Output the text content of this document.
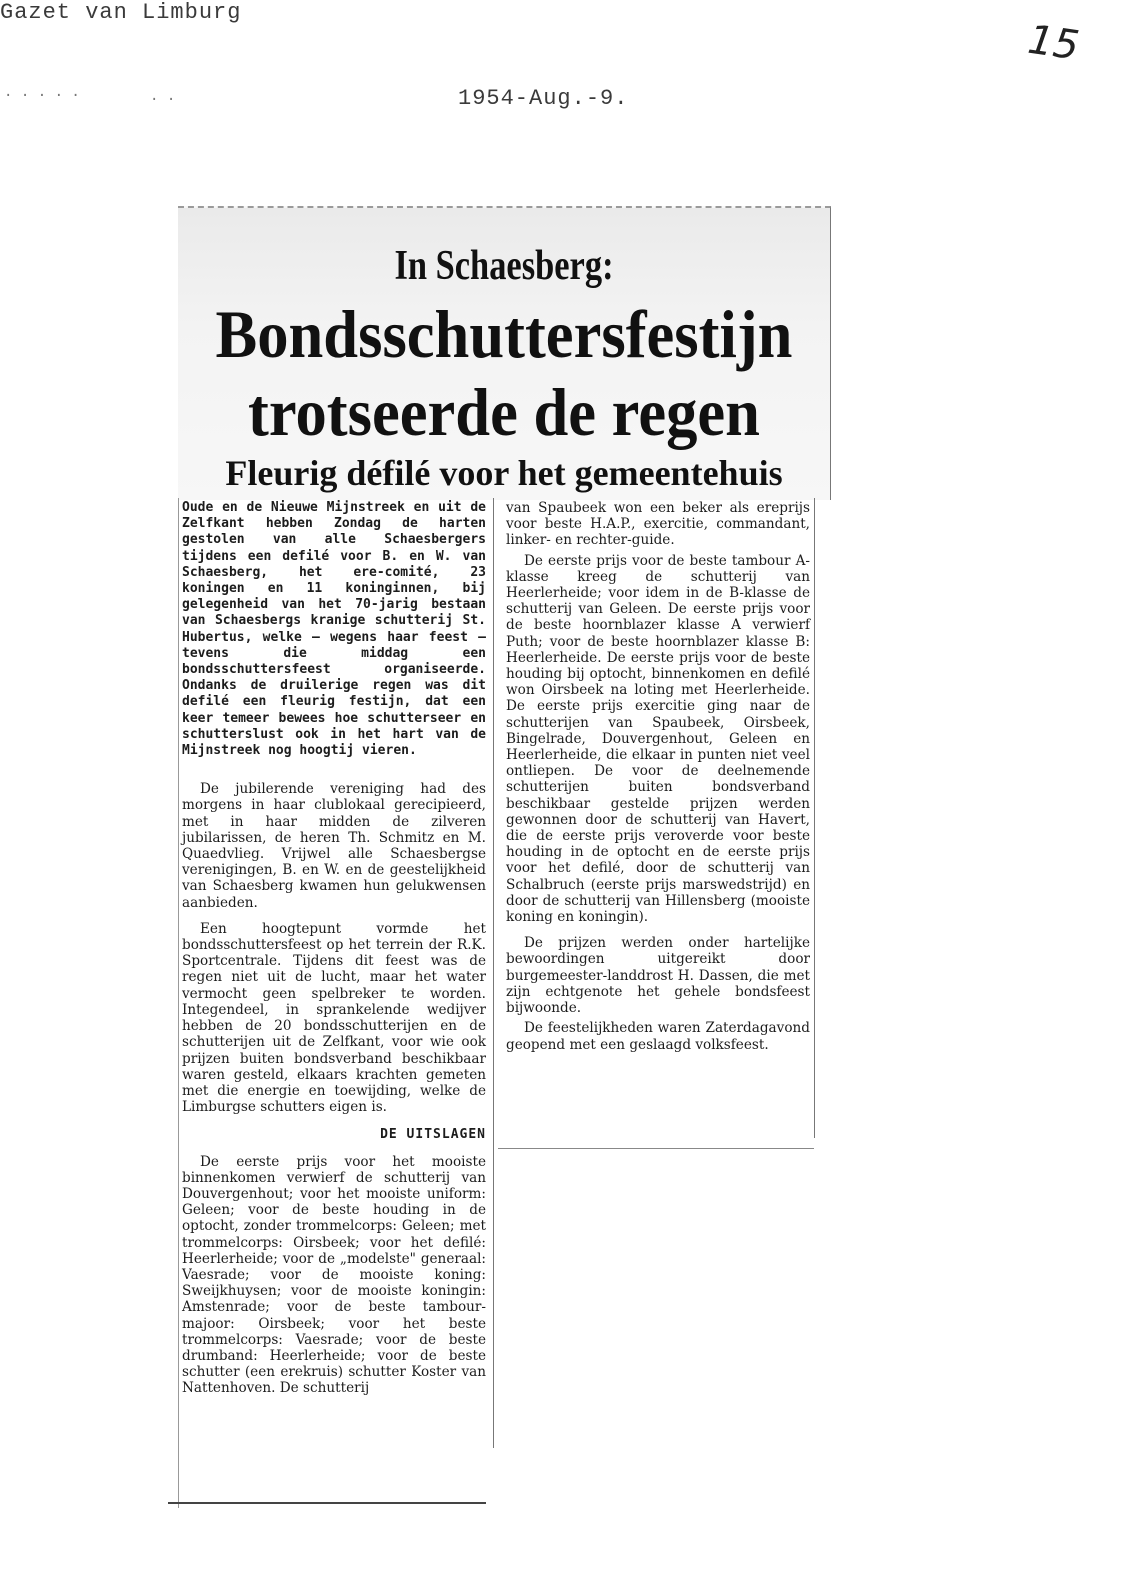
Gazet van Limburg
1954-Aug.-9.
15
· · · · ·	· ·
In Schaesberg:
Bondsschuttersfestijn
trotseerde de regen
Fleurig défilé voor het gemeentehuis

Oude en de Nieuwe Mijnstreek en uit de Zelfkant hebben Zondag de harten gestolen van alle Schaesbergers tijdens een defilé voor B. en W. van Schaesberg, het ere-comité, 23 koningen en 11 koninginnen, bij gelegenheid van het 70-jarig bestaan van Schaesbergs kranige schutterij St. Hubertus, welke — wegens haar feest — tevens die middag een bondsschuttersfeest organiseerde. Ondanks de druilerige regen was dit defilé een fleurig festijn, dat een keer temeer bewees hoe schutterseer en schutterslust ook in het hart van de Mijnstreek nog hoogtij vieren.

De jubilerende vereniging had des morgens in haar clublokaal gerecipieerd, met in haar midden de zilveren jubilarissen, de heren Th. Schmitz en M. Quaedvlieg. Vrijwel alle Schaesbergse verenigingen, B. en W. en de geestelijkheid van Schaesberg kwamen hun gelukwensen aanbieden.

Een hoogtepunt vormde het bondsschuttersfeest op het terrein der R.K. Sportcentrale. Tijdens dit feest was de regen niet uit de lucht, maar het water vermocht geen spelbreker te worden. Integendeel, in sprankelende wedijver hebben de 20 bondsschutterijen en de schutterijen uit de Zelfkant, voor wie ook prijzen buiten bondsverband beschikbaar waren gesteld, elkaars krachten gemeten met die energie en toewijding, welke de Limburgse schutters eigen is.

DE UITSLAGEN

De eerste prijs voor het mooiste binnenkomen verwierf de schutterij van Douvergenhout; voor het mooiste uniform: Geleen; voor de beste houding in de optocht, zonder trommelcorps: Geleen; met trommelcorps: Oirsbeek; voor het defilé: Heerlerheide; voor de „modelste" generaal: Vaesrade; voor de mooiste koning: Sweijkhuysen; voor de mooiste koningin: Amstenrade; voor de beste tambour-majoor: Oirsbeek; voor het beste trommelcorps: Vaesrade; voor de beste drumband: Heerlerheide; voor de beste schutter (een erekruis) schutter Koster van Nattenhoven. De schutterij

van Spaubeek won een beker als ereprijs voor beste H.A.P., exercitie, commandant, linker- en rechter-guide.

De eerste prijs voor de beste tambour A-klasse kreeg de schutterij van Heerlerheide; voor idem in de B-klasse de schutterij van Geleen. De eerste prijs voor de beste hoornblazer klasse A verwierf Puth; voor de beste hoornblazer klasse B: Heerlerheide. De eerste prijs voor de beste houding bij optocht, binnenkomen en defilé won Oirsbeek na loting met Heerlerheide. De eerste prijs exercitie ging naar de schutterijen van Spaubeek, Oirsbeek, Bingelrade, Douvergenhout, Geleen en Heerlerheide, die elkaar in punten niet veel ontliepen. De voor de deelnemende schutterijen buiten bondsverband beschikbaar gestelde prijzen werden gewonnen door de schutterij van Havert, die de eerste prijs veroverde voor beste houding in de optocht en de eerste prijs voor het defilé, door de schutterij van Schalbruch (eerste prijs marswedstrijd) en door de schutterij van Hillensberg (mooiste koning en koningin).

De prijzen werden onder hartelijke bewoordingen uitgereikt door burgemeester-landdrost H. Dassen, die met zijn echtgenote het gehele bondsfeest bijwoonde.

De feestelijkheden waren Zaterdagavond geopend met een geslaagd volksfeest.
